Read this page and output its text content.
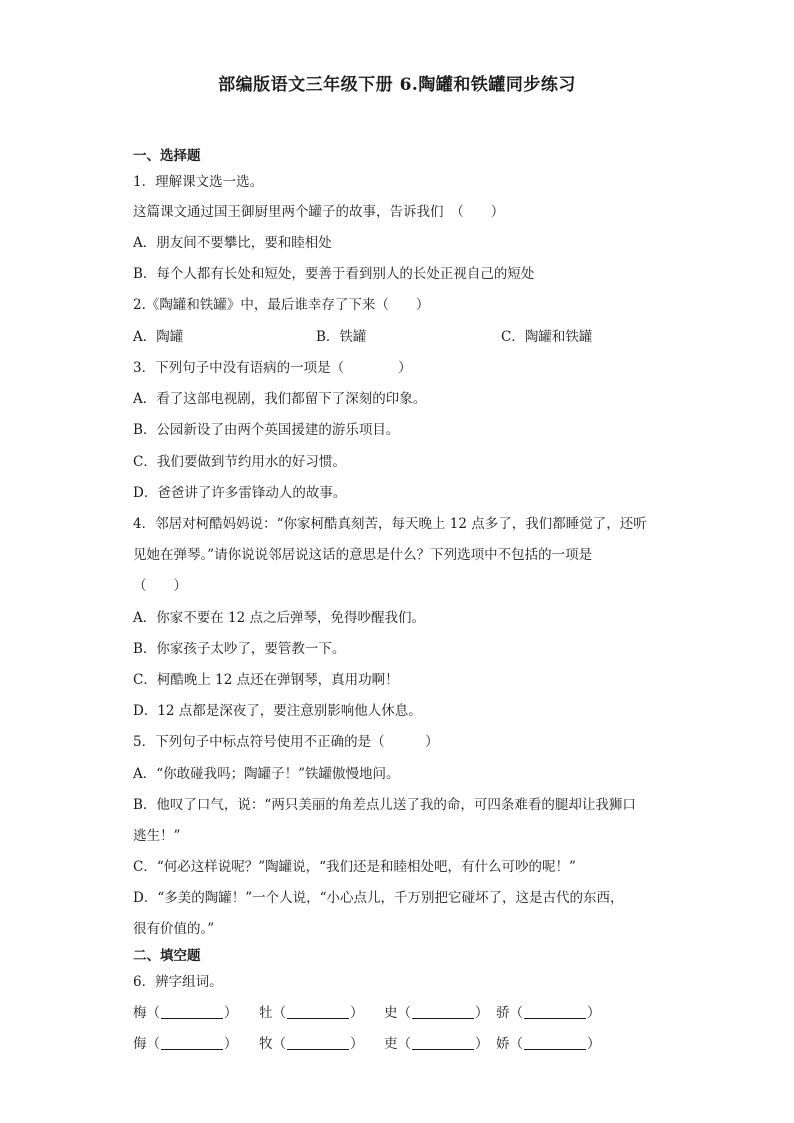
部编版语文三年级下册 6.陶罐和铁罐同步练习
一、选择题
1．理解课文选一选。
这篇课文通过国王御厨里两个罐子的故事，告诉我们　（　　）
A．朋友间不要攀比，要和睦相处
B．每个人都有长处和短处，要善于看到别人的长处正视自己的短处
2.《陶罐和铁罐》中，最后谁幸存了下来（　　）
A．陶罐	B．铁罐	C．陶罐和铁罐
3．下列句子中没有语病的一项是（　　　　）
A．看了这部电视剧，我们都留下了深刻的印象。
B．公园新设了由两个英国援建的游乐项目。
C．我们要做到节约用水的好习惯。
D．爸爸讲了许多雷锋动人的故事。
4．邻居对柯酷妈妈说：“你家柯酷真刻苦，每天晚上 12 点多了，我们都睡觉了，还听
见她在弹琴。”请你说说邻居说这话的意思是什么？下列选项中不包括的一项是
（　　）
A．你家不要在 12 点之后弹琴，免得吵醒我们。
B．你家孩子太吵了，要管教一下。
C．柯酷晚上 12 点还在弹钢琴，真用功啊！
D．12 点都是深夜了，要注意别影响他人休息。
5．下列句子中标点符号使用不正确的是（　　　）
A．“你敢碰我吗；陶罐子！”铁罐傲慢地问。
B．他叹了口气，说：“两只美丽的角差点儿送了我的命，可四条难看的腿却让我狮口
逃生！”
C．“何必这样说呢？”陶罐说，“我们还是和睦相处吧，有什么可吵的呢！”
D．“多美的陶罐！”一个人说，“小心点儿，千万别把它碰坏了，这是古代的东西，
很有价值的。”
二、填空题
6．辨字组词。
梅（	） 牡（	） 史（	） 骄（	）
侮（	） 牧（	） 吏（	） 娇（	）
